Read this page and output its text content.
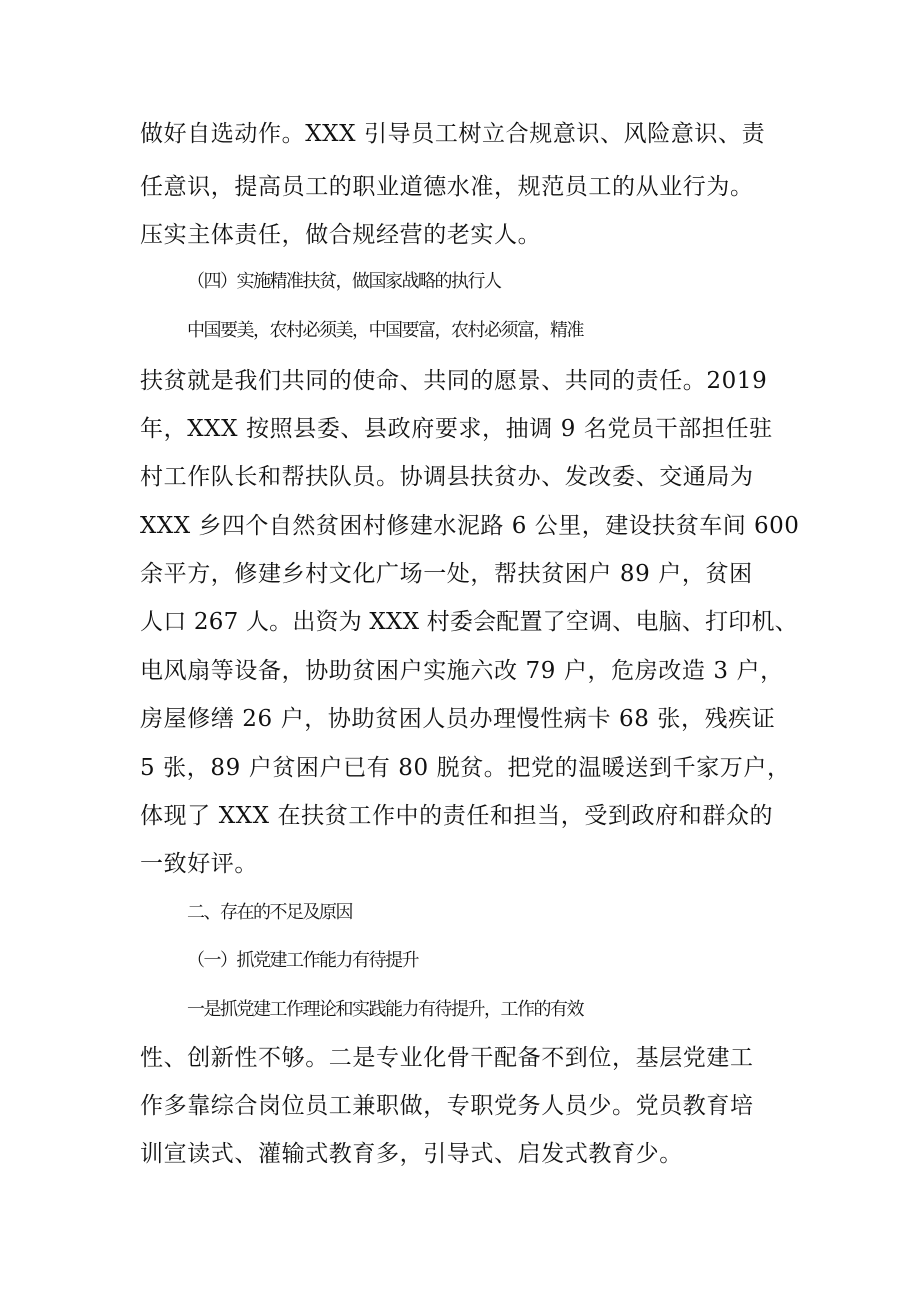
做好自选动作。XXX 引导员工树立合规意识、风险意识、责
任意识，提高员工的职业道德水准，规范员工的从业行为。
压实主体责任，做合规经营的老实人。
（四）实施精准扶贫，做国家战略的执行人
中国要美，农村必须美，中国要富，农村必须富，精准
扶贫就是我们共同的使命、共同的愿景、共同的责任。2019
年，XXX 按照县委、县政府要求，抽调 9 名党员干部担任驻
村工作队长和帮扶队员。协调县扶贫办、发改委、交通局为
XXX 乡四个自然贫困村修建水泥路 6 公里，建设扶贫车间 600
余平方，修建乡村文化广场一处，帮扶贫困户 89 户，贫困
人口 267 人。出资为 XXX 村委会配置了空调、电脑、打印机、
电风扇等设备，协助贫困户实施六改 79 户，危房改造 3 户，
房屋修缮 26 户，协助贫困人员办理慢性病卡 68 张，残疾证
5 张，89 户贫困户已有 80 脱贫。把党的温暖送到千家万户，
体现了 XXX 在扶贫工作中的责任和担当，受到政府和群众的
一致好评。
二、存在的不足及原因
（一）抓党建工作能力有待提升
一是抓党建工作理论和实践能力有待提升，工作的有效
性、创新性不够。二是专业化骨干配备不到位，基层党建工
作多靠综合岗位员工兼职做，专职党务人员少。党员教育培
训宣读式、灌输式教育多，引导式、启发式教育少。
